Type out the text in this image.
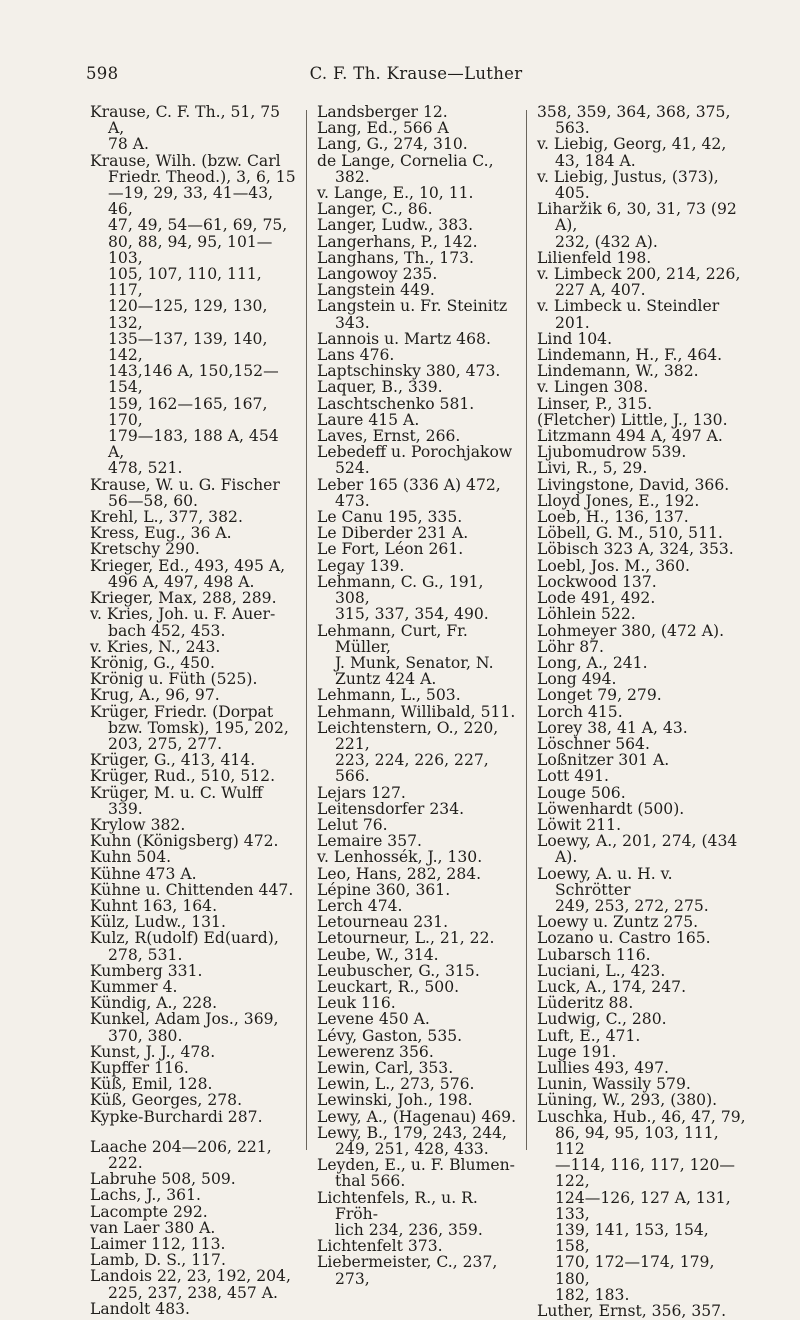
598	C. F. Th. Krause—Luther
Krause, C. F. Th., 51, 75 A,
78 A.
Krause, Wilh. (bzw. Carl
Friedr. Theod.), 3, 6, 15
—19, 29, 33, 41—43, 46,
47, 49, 54—61, 69, 75,
80, 88, 94, 95, 101—103,
105, 107, 110, 111, 117,
120—125, 129, 130, 132,
135—137, 139, 140, 142,
143,146 A, 150,152—154,
159, 162—165, 167, 170,
179—183, 188 A, 454 A,
478, 521.
Krause, W. u. G. Fischer
56—58, 60.
Krehl, L., 377, 382.
Kress, Eug., 36 A.
Kretschy 290.
Krieger, Ed., 493, 495 A,
496 A, 497, 498 A.
Krieger, Max, 288, 289.
v. Kries, Joh. u. F. Auer-
bach 452, 453.
v. Kries, N., 243.
Krönig, G., 450.
Krönig u. Füth (525).
Krug, A., 96, 97.
Krüger, Friedr. (Dorpat
bzw. Tomsk), 195, 202,
203, 275, 277.
Krüger, G., 413, 414.
Krüger, Rud., 510, 512.
Krüger, M. u. C. Wulff
339.
Krylow 382.
Kuhn (Königsberg) 472.
Kuhn 504.
Kühne 473 A.
Kühne u. Chittenden 447.
Kuhnt 163, 164.
Külz, Ludw., 131.
Kulz, R(udolf) Ed(uard),
278, 531.
Kumberg 331.
Kummer 4.
Kündig, A., 228.
Kunkel, Adam Jos., 369,
370, 380.
Kunst, J. J., 478.
Kupffer 116.
Küß, Emil, 128.
Küß, Georges, 278.
Kypke-Burchardi 287.
Laache 204—206, 221, 222.
Labruhe 508, 509.
Lachs, J., 361.
Lacompte 292.
van Laer 380 A.
Laimer 112, 113.
Lamb, D. S., 117.
Landois 22, 23, 192, 204,
225, 237, 238, 457 A.
Landolt 483.
Landsberger 12.
Lang, Ed., 566 A
Lang, G., 274, 310.
de Lange, Cornelia C., 382.
v. Lange, E., 10, 11.
Langer, C., 86.
Langer, Ludw., 383.
Langerhans, P., 142.
Langhans, Th., 173.
Langowoy 235.
Langstein 449.
Langstein u. Fr. Steinitz
343.
Lannois u. Martz 468.
Lans 476.
Laptschinsky 380, 473.
Laquer, B., 339.
Laschtschenko 581.
Laure 415 A.
Laves, Ernst, 266.
Lebedeff u. Porochjakow
524.
Leber 165 (336 A) 472, 473.
Le Canu 195, 335.
Le Diberder 231 A.
Le Fort, Léon 261.
Legay 139.
Lehmann, C. G., 191, 308,
315, 337, 354, 490.
Lehmann, Curt, Fr. Müller,
J. Munk, Senator, N.
Zuntz 424 A.
Lehmann, L., 503.
Lehmann, Willibald, 511.
Leichtenstern, O., 220, 221,
223, 224, 226, 227, 566.
Lejars 127.
Leitensdorfer 234.
Lelut 76.
Lemaire 357.
v. Lenhossék, J., 130.
Leo, Hans, 282, 284.
Lépine 360, 361.
Lerch 474.
Letourneau 231.
Letourneur, L., 21, 22.
Leube, W., 314.
Leubuscher, G., 315.
Leuckart, R., 500.
Leuk 116.
Levene 450 A.
Lévy, Gaston, 535.
Lewerenz 356.
Lewin, Carl, 353.
Lewin, L., 273, 576.
Lewinski, Joh., 198.
Lewy, A., (Hagenau) 469.
Lewy, B., 179, 243, 244,
249, 251, 428, 433.
Leyden, E., u. F. Blumen-
thal 566.
Lichtenfels, R., u. R. Fröh-
lich 234, 236, 359.
Lichtenfelt 373.
Liebermeister, C., 237, 273,
358, 359, 364, 368, 375,
563.
v. Liebig, Georg, 41, 42,
43, 184 A.
v. Liebig, Justus, (373), 405.
Liharžik 6, 30, 31, 73 (92 A),
232, (432 A).
Lilienfeld 198.
v. Limbeck 200, 214, 226,
227 A, 407.
v. Limbeck u. Steindler 201.
Lind 104.
Lindemann, H., F., 464.
Lindemann, W., 382.
v. Lingen 308.
Linser, P., 315.
(Fletcher) Little, J., 130.
Litzmann 494 A, 497 A.
Ljubomudrow 539.
Livi, R., 5, 29.
Livingstone, David, 366.
Lloyd Jones, E., 192.
Loeb, H., 136, 137.
Löbell, G. M., 510, 511.
Löbisch 323 A, 324, 353.
Loebl, Jos. M., 360.
Lockwood 137.
Lode 491, 492.
Löhlein 522.
Lohmeyer 380, (472 A).
Löhr 87.
Long, A., 241.
Long 494.
Longet 79, 279.
Lorch 415.
Lorey 38, 41 A, 43.
Löschner 564.
Loßnitzer 301 A.
Lott 491.
Louge 506.
Löwenhardt (500).
Löwit 211.
Loewy, A., 201, 274, (434 A).
Loewy, A. u. H. v. Schrötter
249, 253, 272, 275.
Loewy u. Zuntz 275.
Lozano u. Castro 165.
Lubarsch 116.
Luciani, L., 423.
Luck, A., 174, 247.
Lüderitz 88.
Ludwig, C., 280.
Luft, E., 471.
Luge 191.
Lullies 493, 497.
Lunin, Wassily 579.
Lüning, W., 293, (380).
Luschka, Hub., 46, 47, 79,
86, 94, 95, 103, 111, 112
—114, 116, 117, 120—122,
124—126, 127 A, 131, 133,
139, 141, 153, 154, 158,
170, 172—174, 179, 180,
182, 183.
Luther, Ernst, 356, 357.
